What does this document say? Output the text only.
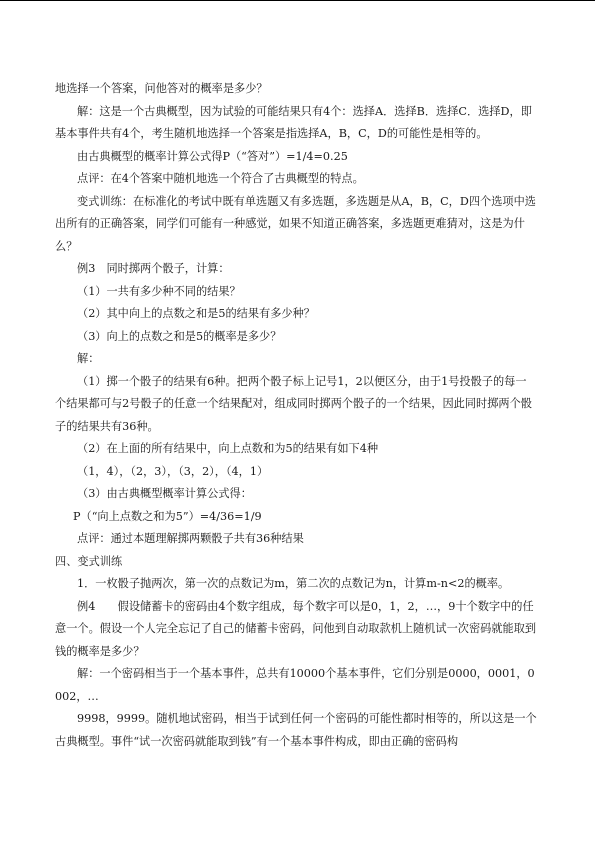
地选择一个答案，问他答对的概率是多少？

解：这是一个古典概型，因为试验的可能结果只有4个：选择A．选择B．选择C．选择D，即基本事件共有4个，考生随机地选择一个答案是指选择A，B，C，D的可能性是相等的。

由古典概型的概率计算公式得P（“答对”）=1/4=0.25

点评：在4个答案中随机地选一个符合了古典概型的特点。

变式训练：在标准化的考试中既有单选题又有多选题，多选题是从A，B，C，D四个选项中选出所有的正确答案，同学们可能有一种感觉，如果不知道正确答案，多选题更难猜对，这是为什么？

例3　同时掷两个骰子，计算：

（1）一共有多少种不同的结果？

（2）其中向上的点数之和是5的结果有多少种？

（3）向上的点数之和是5的概率是多少？

解：

（1）掷一个骰子的结果有6种。把两个骰子标上记号1，2以便区分，由于1号投骰子的每一个结果都可与2号骰子的任意一个结果配对，组成同时掷两个骰子的一个结果，因此同时掷两个骰子的结果共有36种。

（2）在上面的所有结果中，向上点数和为5的结果有如下4种

（1，4），（2，3），（3，2），（4，1）

（3）由古典概型概率计算公式得：

P（“向上点数之和为5”）=4/36=1/9

点评：通过本题理解掷两颗骰子共有36种结果

四、变式训练

1．一枚骰子抛两次，第一次的点数记为m，第二次的点数记为n，计算m-n<2的概率。

例4　　假设储蓄卡的密码由4个数字组成，每个数字可以是0，1，2，…，9十个数字中的任意一个。假设一个人完全忘记了自己的储蓄卡密码，问他到自动取款机上随机试一次密码就能取到钱的概率是多少？

解：一个密码相当于一个基本事件，总共有10000个基本事件，它们分别是0000，0001，0002，…

9998，9999。随机地试密码，相当于试到任何一个密码的可能性都时相等的，所以这是一个古典概型。事件“试一次密码就能取到钱”有一个基本事件构成，即由正确的密码构
